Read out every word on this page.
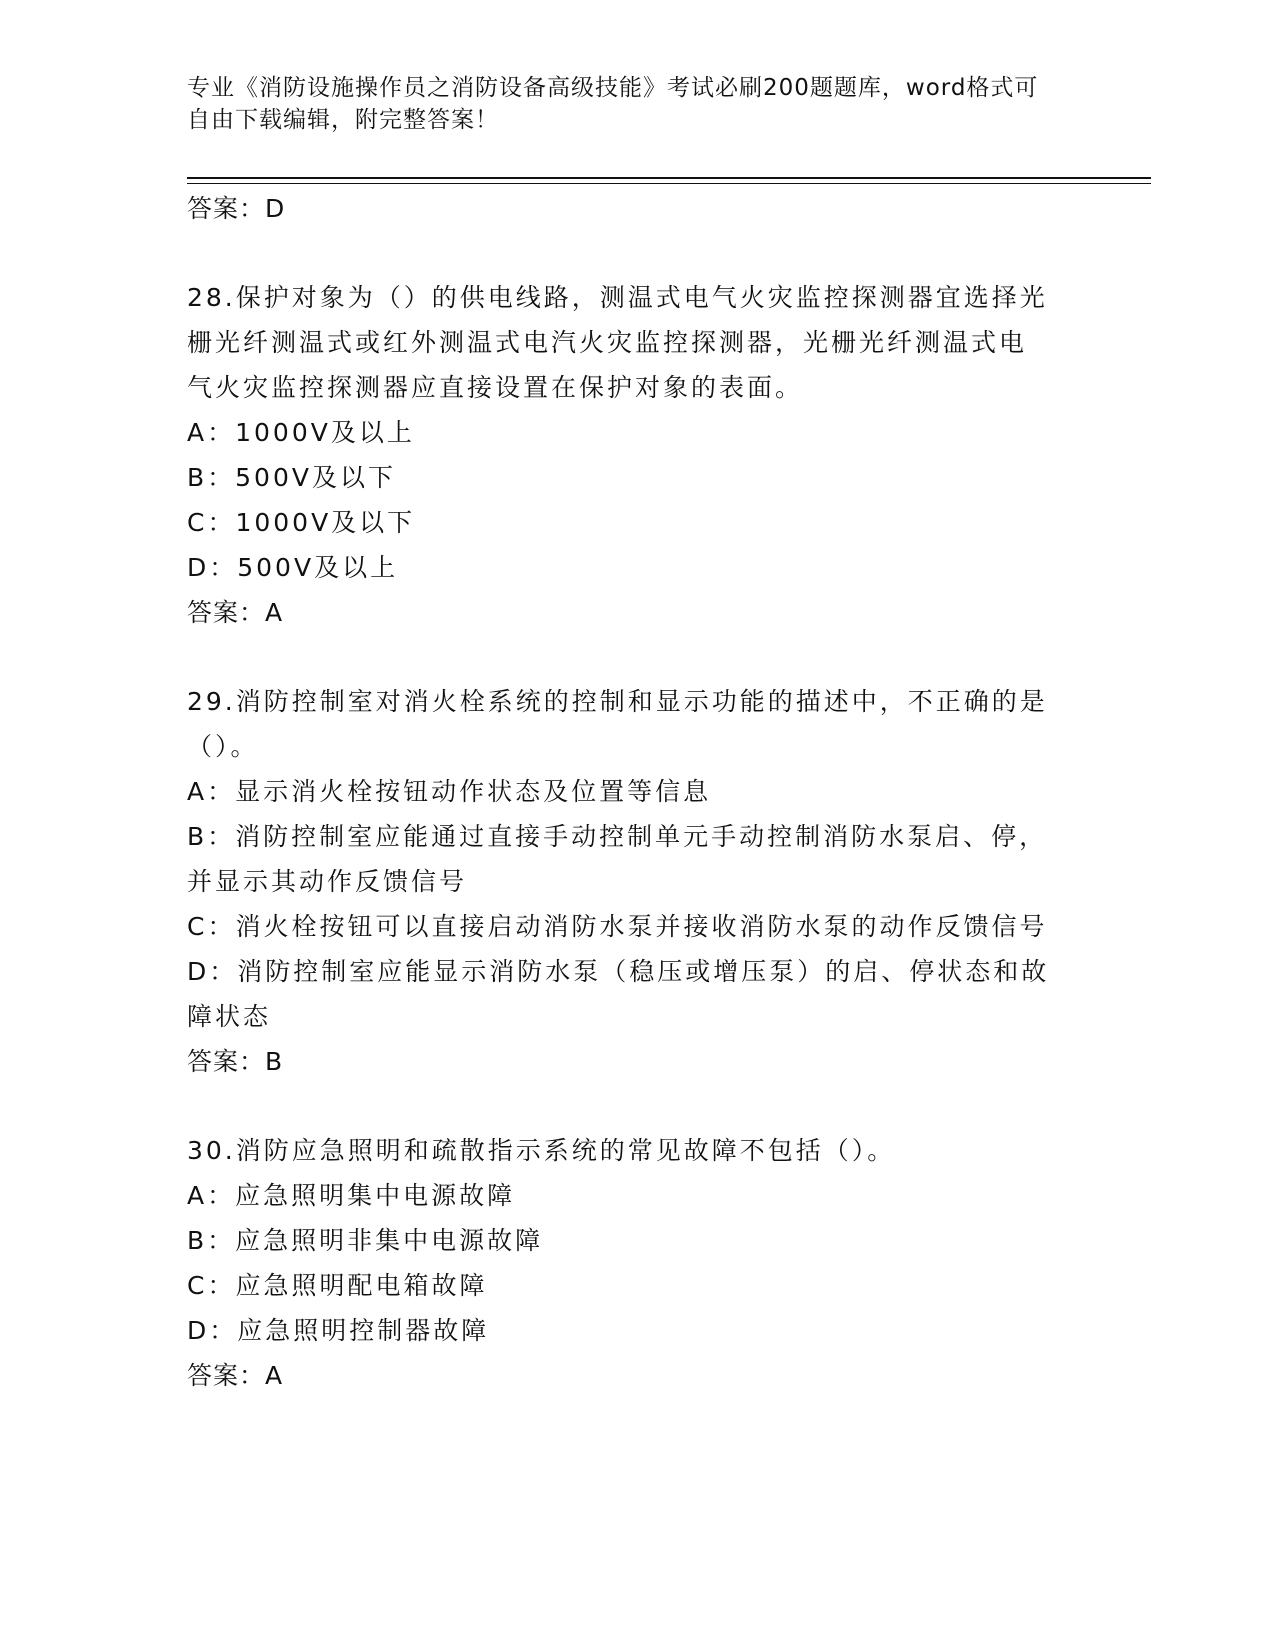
专业《消防设施操作员之消防设备高级技能》考试必刷200题题库，word格式可
自由下载编辑，附完整答案！
答案：D
28.保护对象为（）的供电线路，测温式电气火灾监控探测器宜选择光
栅光纤测温式或红外测温式电汽火灾监控探测器，光栅光纤测温式电
气火灾监控探测器应直接设置在保护对象的表面。
A：1000V及以上
B：500V及以下
C：1000V及以下
D：500V及以上
答案：A
29.消防控制室对消火栓系统的控制和显示功能的描述中，不正确的是
（）。
A：显示消火栓按钮动作状态及位置等信息
B：消防控制室应能通过直接手动控制单元手动控制消防水泵启、停，
并显示其动作反馈信号
C：消火栓按钮可以直接启动消防水泵并接收消防水泵的动作反馈信号
D：消防控制室应能显示消防水泵（稳压或增压泵）的启、停状态和故
障状态
答案：B
30.消防应急照明和疏散指示系统的常见故障不包括（）。
A：应急照明集中电源故障
B：应急照明非集中电源故障
C：应急照明配电箱故障
D：应急照明控制器故障
答案：A
